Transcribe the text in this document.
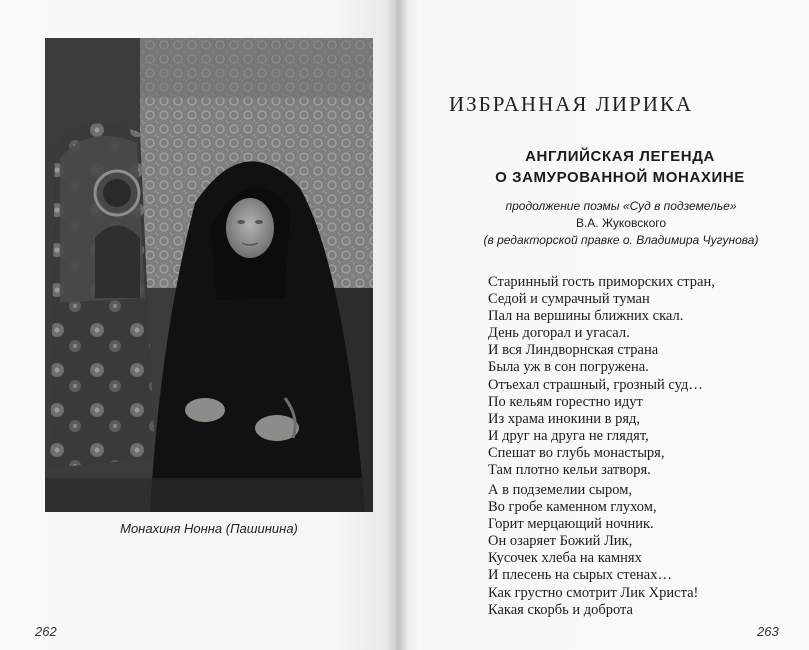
Монахиня Нонна (Пашинина)
262
ИЗБРАННАЯ ЛИРИКА
АНГЛИЙСКАЯ ЛЕГЕНДА
О ЗАМУРОВАННОЙ МОНАХИНЕ
продолжение поэмы «Суд в подземелье»
В.А. Жуковского
(в редакторской правке о. Владимира Чугунова)
Старинный гость приморских стран,
Седой и сумрачный туман
Пал на вершины ближних скал.
День догорал и угасал.
И вся Линдворнская страна
Была уж в сон погружена.
Отъехал страшный, грозный суд…
По кельям горестно идут
Из храма инокини в ряд,
И друг на друга не глядят,
Спешат во глубь монастыря,
Там плотно кельи затворя.
А в подземелии сыром,
Во гробе каменном глухом,
Горит мерцающий ночник.
Он озаряет Божий Лик,
Кусочек хлеба на камнях
И плесень на сырых стенах…
Как грустно смотрит Лик Христа!
Какая скорбь и доброта
263
